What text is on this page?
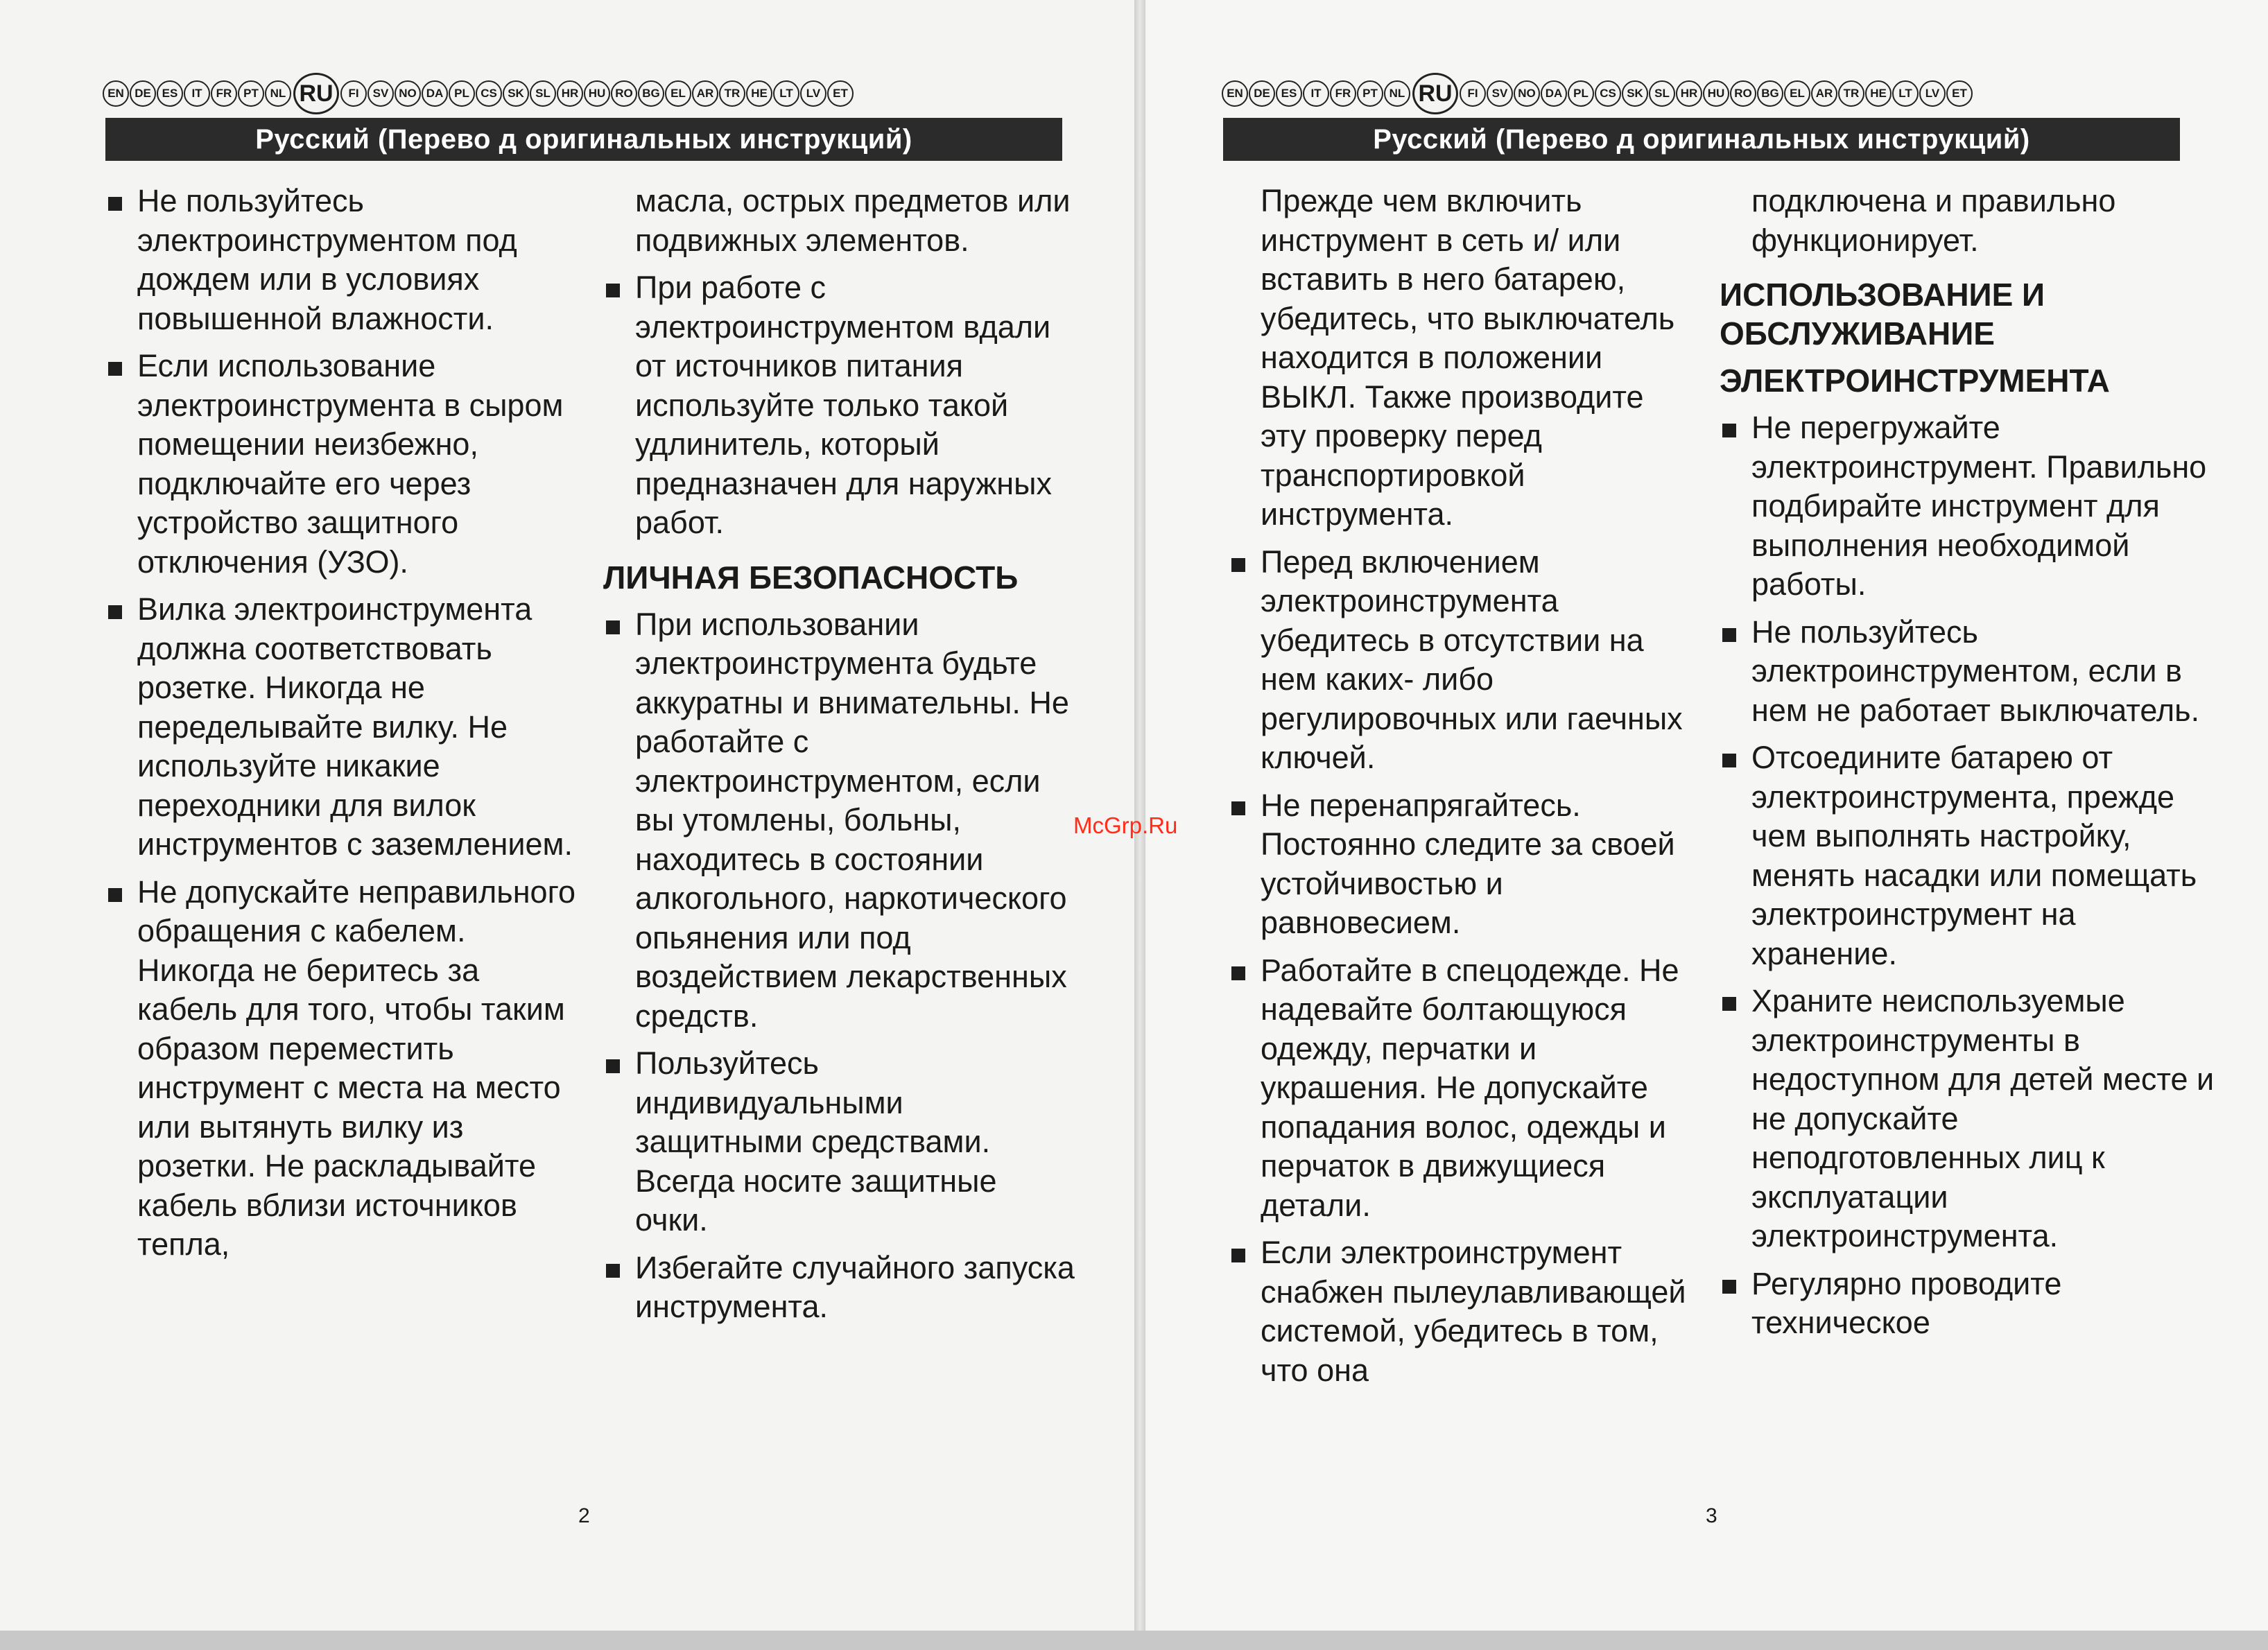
EN DE ES	IT	FR PT NL RU	FI	SV NO DA PL CS SK SL HR HU RO BG EL AR TR HE	LT	LV	ET
Русский (Перево д оригинальных инструкций)
Не пользуйтесь электроинструментом под дождем или в условиях повышенной влажности.
Если использование электроинструмента в сыром помещении неизбежно, подключайте его через устройство защитного отключения (УЗО).
Вилка электроинструмента должна соответствовать розетке. Никогда не переделывайте вилку. Не используйте никакие переходники для вилок инструментов с заземлением.
Не допускайте неправильного обращения с кабелем. Никогда не беритесь за кабель для того, чтобы таким образом переместить инструмент с места на место или вытянуть вилку из розетки. Не раскладывайте кабель вблизи источников тепла,
масла, острых предметов или подвижных элементов.
При работе с электроинструментом вдали от источников питания используйте только такой удлинитель, который предназначен для наружных работ.
ЛИЧНАЯ БЕЗОПАСНОСТЬ
При использовании электроинструмента будьте аккуратны и внимательны. Не работайте с электроинструментом, если вы утомлены, больны, находитесь в состоянии алкогольного, наркотического опьянения или под воздействием лекарственных средств.
Пользуйтесь индивидуальными защитными средствами. Всегда носите защитные очки.
Избегайте случайного запуска инструмента.
2
EN DE ES	IT	FR PT NL RU	FI	SV NO DA PL CS SK SL HR HU RO BG EL AR TR HE	LT	LV	ET
Русский (Перево д оригинальных инструкций)
Прежде чем включить инструмент в сеть и/ или вставить в него батарею, убедитесь, что выключатель находится в положении ВЫКЛ. Также производите эту проверку перед транспортировкой инструмента.
Перед включением электроинструмента убедитесь в отсутствии на нем каких- либо регулировочных или гаечных ключей.
Не перенапрягайтесь. Постоянно следите за своей устойчивостью и равновесием.
Работайте в спецодежде. Не надевайте болтающуюся одежду, перчатки и украшения. Не допускайте попадания волос, одежды и перчаток в движущиеся детали.
Если электроинструмент снабжен пылеулавливающей системой, убедитесь в том, что она
подключена и правильно функционирует.
ИСПОЛЬЗОВАНИЕ И ОБСЛУЖИВАНИЕ
ЭЛЕКТРОИНСТРУМЕНТА
Не перегружайте электроинструмент. Правильно подбирайте инструмент для выполнения необходимой работы.
Не пользуйтесь электроинструментом, если в нем не работает выключатель.
Отсоедините батарею от электроинструмента, прежде чем выполнять настройку, менять насадки или помещать электроинструмент на хранение.
Храните неиспользуемые электроинструменты в недоступном для детей месте и не допускайте неподготовленных лиц к эксплуатации электроинструмента.
Регулярно проводите техническое
3
McGrp.Ru
